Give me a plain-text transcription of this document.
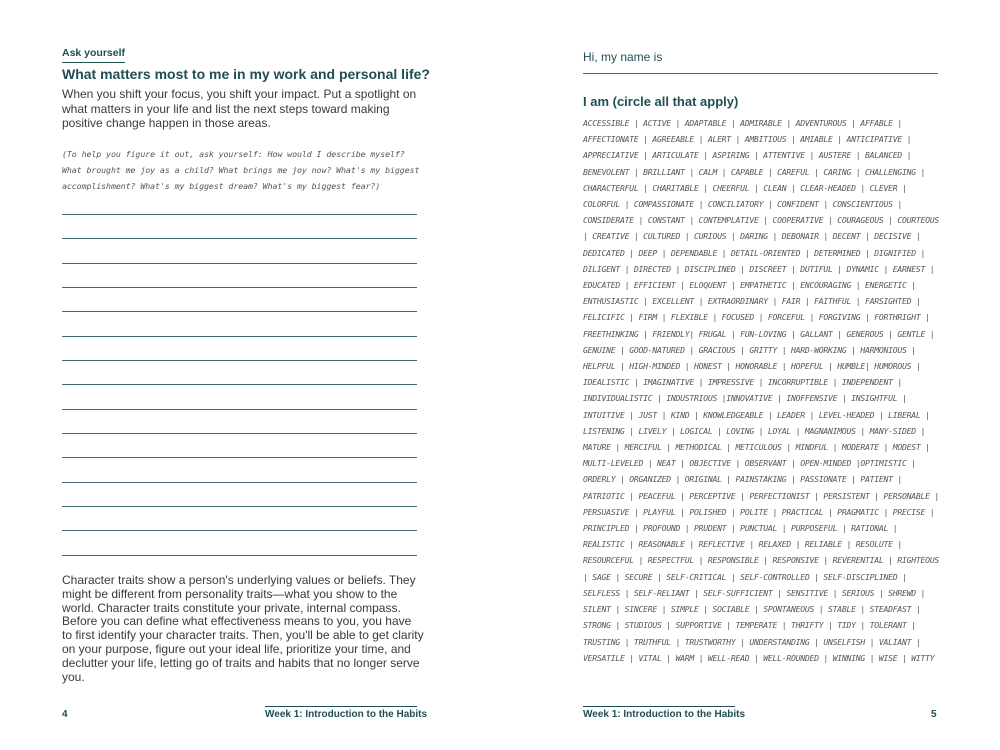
Ask yourself
What matters most to me in my work and personal life?
When you shift your focus, you shift your impact. Put a spotlight on what matters in your life and list the next steps toward making positive change happen in those areas.
(To help you figure it out, ask yourself: How would I describe myself? What brought me joy as a child? What brings me joy now? What's my biggest accomplishment? What's my biggest dream? What's my biggest fear?)
Character traits show a person's underlying values or beliefs. They might be different from personality traits—what you show to the world. Character traits constitute your private, internal compass. Before you can define what effectiveness means to you, you have to first identify your character traits. Then, you'll be able to get clarity on your purpose, figure out your ideal life, prioritize your time, and declutter your life, letting go of traits and habits that no longer serve you.
4	Week 1: Introduction to the Habits
Hi, my name is
I am (circle all that apply)
ACCESSIBLE | ACTIVE | ADAPTABLE | ADMIRABLE | ADVENTUROUS | AFFABLE | AFFECTIONATE | AGREEABLE | ALERT | AMBITIOUS | AMIABLE | ANTICIPATIVE | APPRECIATIVE | ARTICULATE | ASPIRING | ATTENTIVE | AUSTERE | BALANCED | BENEVOLENT | BRILLIANT | CALM | CAPABLE | CAREFUL | CARING | CHALLENGING | CHARACTERFUL | CHARITABLE | CHEERFUL | CLEAN | CLEAR-HEADED | CLEVER | COLORFUL | COMPASSIONATE | CONCILIATORY | CONFIDENT | CONSCIENTIOUS | CONSIDERATE | CONSTANT | CONTEMPLATIVE | COOPERATIVE | COURAGEOUS | COURTEOUS | CREATIVE | CULTURED | CURIOUS | DARING | DEBONAIR | DECENT | DECISIVE | DEDICATED | DEEP | DEPENDABLE | DETAIL-ORIENTED | DETERMINED | DIGNIFIED | DILIGENT | DIRECTED | DISCIPLINED | DISCREET | DUTIFUL | DYNAMIC | EARNEST | EDUCATED | EFFICIENT | ELOQUENT | EMPATHETIC | ENCOURAGING | ENERGETIC | ENTHUSIASTIC | EXCELLENT | EXTRAORDINARY | FAIR | FAITHFUL | FARSIGHTED | FELICIFIC | FIRM | FLEXIBLE | FOCUSED | FORCEFUL | FORGIVING | FORTHRIGHT | FREETHINKING | FRIENDLY| FRUGAL | FUN-LOVING | GALLANT | GENEROUS | GENTLE | GENUINE | GOOD-NATURED | GRACIOUS | GRITTY | HARD-WORKING | HARMONIOUS | HELPFUL | HIGH-MINDED | HONEST | HONORABLE | HOPEFUL | HUMBLE| HUMOROUS | IDEALISTIC | IMAGINATIVE | IMPRESSIVE | INCORRUPTIBLE | INDEPENDENT | INDIVIDUALISTIC | INDUSTRIOUS |INNOVATIVE | INOFFENSIVE | INSIGHTFUL | INTUITIVE | JUST | KIND | KNOWLEDGEABLE | LEADER | LEVEL-HEADED | LIBERAL | LISTENING | LIVELY | LOGICAL | LOVING | LOYAL | MAGNANIMOUS | MANY-SIDED | MATURE | MERCIFUL | METHODICAL | METICULOUS | MINDFUL | MODERATE | MODEST | MULTI-LEVELED | NEAT | OBJECTIVE | OBSERVANT | OPEN-MINDED |OPTIMISTIC | ORDERLY | ORGANIZED | ORIGINAL | PAINSTAKING | PASSIONATE | PATIENT | PATRIOTIC | PEACEFUL | PERCEPTIVE | PERFECTIONIST | PERSISTENT | PERSONABLE | PERSUASIVE | PLAYFUL | POLISHED | POLITE | PRACTICAL | PRAGMATIC | PRECISE | PRINCIPLED | PROFOUND | PRUDENT | PUNCTUAL | PURPOSEFUL | RATIONAL | REALISTIC | REASONABLE | REFLECTIVE | RELAXED | RELIABLE | RESOLUTE | RESOURCEFUL | RESPECTFUL | RESPONSIBLE | RESPONSIVE | REVERENTIAL | RIGHTEOUS | SAGE | SECURE | SELF-CRITICAL | SELF-CONTROLLED | SELF-DISCIPLINED | SELFLESS | SELF-RELIANT | SELF-SUFFICIENT | SENSITIVE | SERIOUS | SHREWD | SILENT | SINCERE | SIMPLE | SOCIABLE | SPONTANEOUS | STABLE | STEADFAST | STRONG | STUDIOUS | SUPPORTIVE | TEMPERATE | THRIFTY | TIDY | TOLERANT | TRUSTING | TRUTHFUL | TRUSTWORTHY | UNDERSTANDING | UNSELFISH | VALIANT | VERSATILE | VITAL | WARM | WELL-READ | WELL-ROUNDED | WINNING | WISE | WITTY
Week 1: Introduction to the Habits	5
